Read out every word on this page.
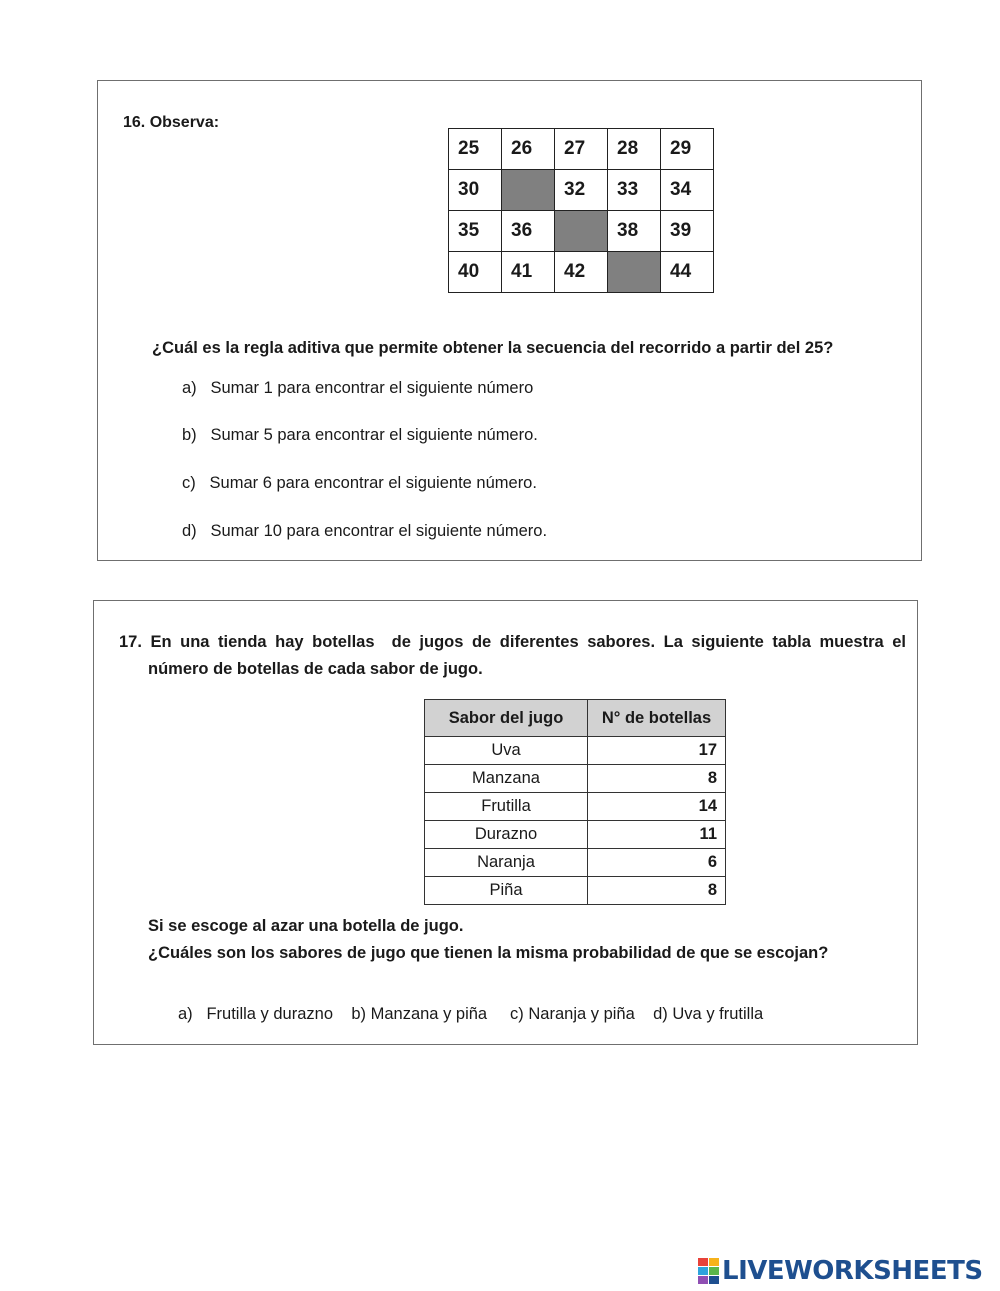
16. Observa:
25	26	27	28	29
30		32	33	34
35	36		38	39
40	41	42		44
¿Cuál es la regla aditiva que permite obtener la secuencia del recorrido a partir del 25?
a) Sumar 1 para encontrar el siguiente número
b) Sumar 5 para encontrar el siguiente número.
c) Sumar 6 para encontrar el siguiente número.
d) Sumar 10 para encontrar el siguiente número.
17. En una tienda hay botellas  de jugos de diferentes sabores. La siguiente tabla muestra el
número de botellas de cada sabor de jugo.
Sabor del jugo	N° de botellas
Uva	17
Manzana	8
Frutilla	14
Durazno	11
Naranja	6
Piña	8
Si se escoge al azar una botella de jugo.
¿Cuáles son los sabores de jugo que tienen la misma probabilidad de que se escojan?
a) Frutilla y durazno b) Manzana y piña c) Naranja y piña d) Uva y frutilla
LIVEWORKSHEETS
